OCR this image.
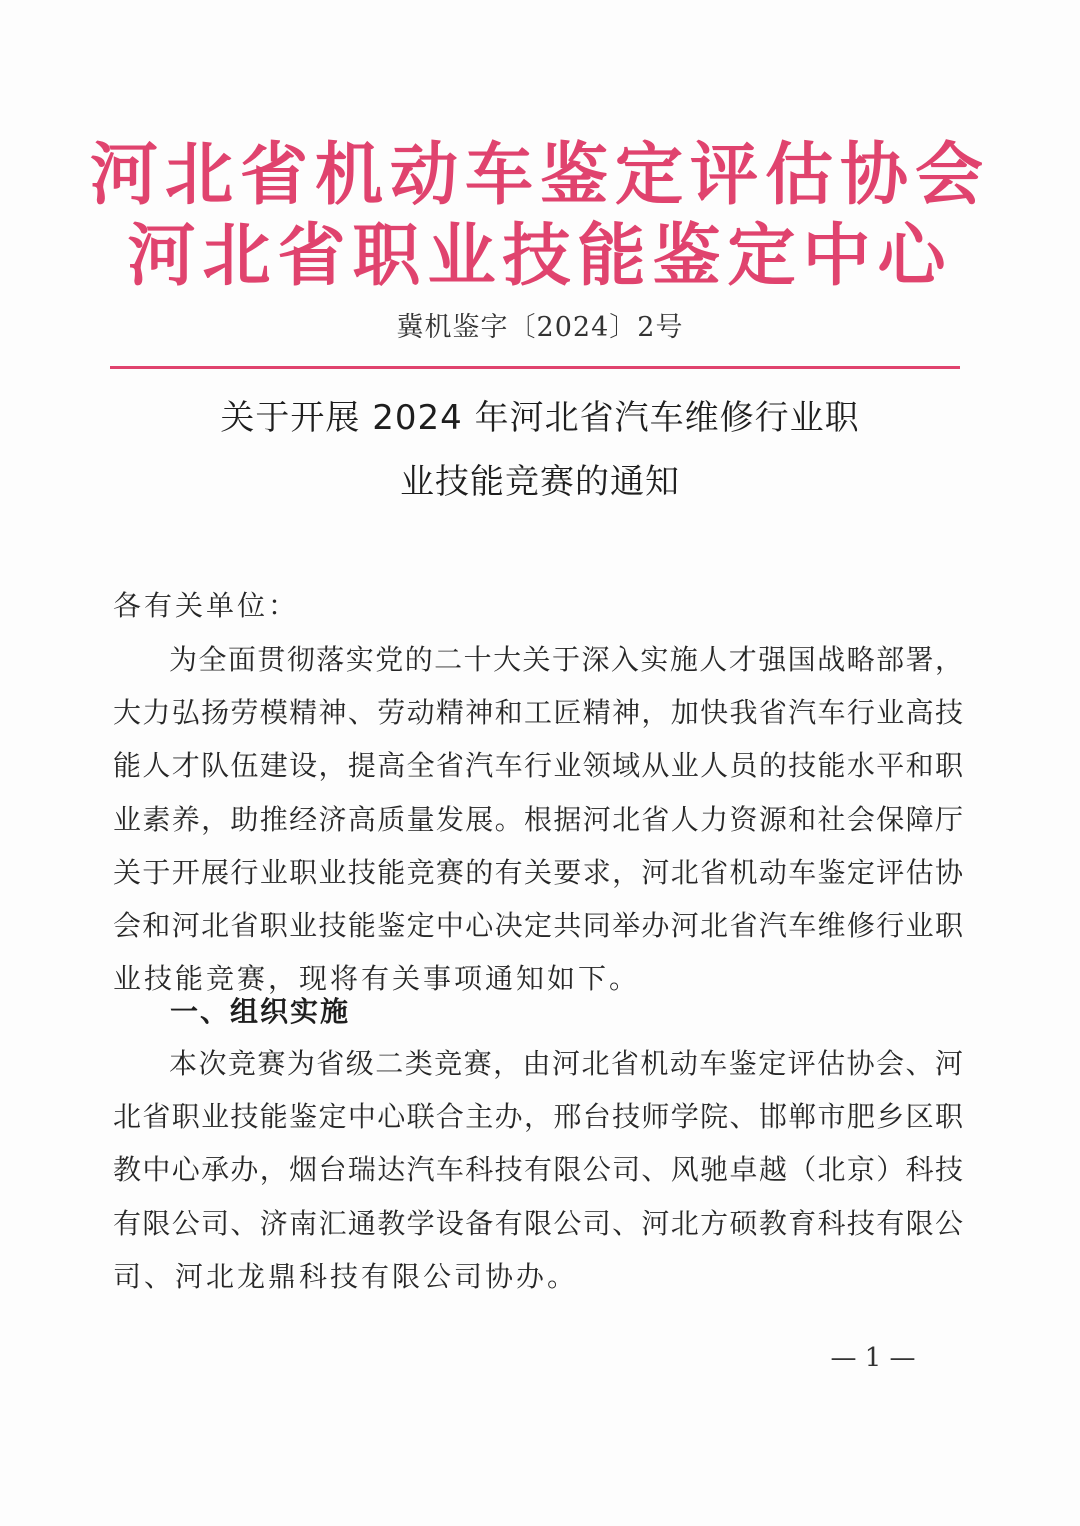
河北省机动车鉴定评估协会
河北省职业技能鉴定中心
冀机鉴字〔2024〕2号
关于开展 2024 年河北省汽车维修行业职
业技能竞赛的通知
各有关单位：
为全面贯彻落实党的二十大关于深入实施人才强国战略部署，
大力弘扬劳模精神、劳动精神和工匠精神，加快我省汽车行业高技
能人才队伍建设，提高全省汽车行业领域从业人员的技能水平和职
业素养，助推经济高质量发展。根据河北省人力资源和社会保障厅
关于开展行业职业技能竞赛的有关要求，河北省机动车鉴定评估协
会和河北省职业技能鉴定中心决定共同举办河北省汽车维修行业职
业技能竞赛，现将有关事项通知如下。
一、组织实施
本次竞赛为省级二类竞赛，由河北省机动车鉴定评估协会、河
北省职业技能鉴定中心联合主办，邢台技师学院、邯郸市肥乡区职
教中心承办，烟台瑞达汽车科技有限公司、风驰卓越（北京）科技
有限公司、济南汇通教学设备有限公司、河北方硕教育科技有限公
司、河北龙鼎科技有限公司协办。
— 1 —
